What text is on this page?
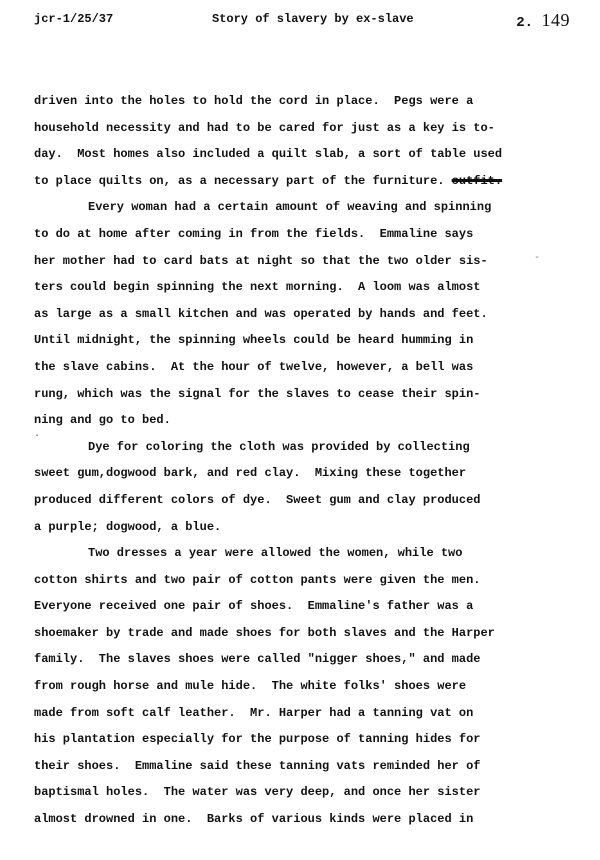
jcr-1/25/37	Story of slavery by ex-slave	2. 149
-
·
driven into the holes to hold the cord in place.  Pegs were a
household necessity and had to be cared for just as a key is to-
day.  Most homes also included a quilt slab, a sort of table used
to place quilts on, as a necessary part of the furniture. outfit.
Every woman had a certain amount of weaving and spinning
to do at home after coming in from the fields.  Emmaline says
her mother had to card bats at night so that the two older sis-
ters could begin spinning the next morning.  A loom was almost
as large as a small kitchen and was operated by hands and feet.
Until midnight, the spinning wheels could be heard humming in
the slave cabins.  At the hour of twelve, however, a bell was
rung, which was the signal for the slaves to cease their spin-
ning and go to bed.
Dye for coloring the cloth was provided by collecting
sweet gum,dogwood bark, and red clay.  Mixing these together
produced different colors of dye.  Sweet gum and clay produced
a purple; dogwood, a blue.
Two dresses a year were allowed the women, while two
cotton shirts and two pair of cotton pants were given the men.
Everyone received one pair of shoes.  Emmaline's father was a
shoemaker by trade and made shoes for both slaves and the Harper
family.  The slaves shoes were called "nigger shoes," and made
from rough horse and mule hide.  The white folks' shoes were
made from soft calf leather.  Mr. Harper had a tanning vat on
his plantation especially for the purpose of tanning hides for
their shoes.  Emmaline said these tanning vats reminded her of
baptismal holes.  The water was very deep, and once her sister
almost drowned in one.  Barks of various kinds were placed in
